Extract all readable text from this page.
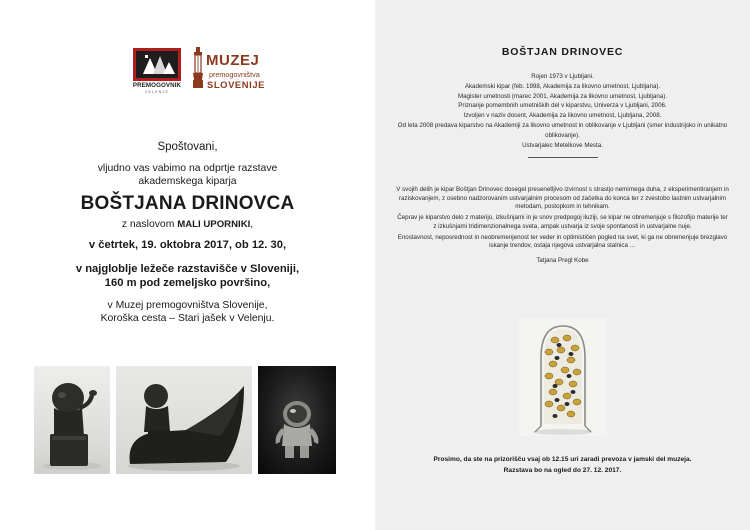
PREMOGOVNIK
VELENJE
MUZEJ
premogovništva
SLOVENIJE
Spoštovani,
vljudno vas vabimo na odprtje razstave
akademskega kiparja
BOŠTJANA DRINOVCA
z naslovom MALI UPORNIKI,
v četrtek, 19. oktobra 2017, ob 12. 30,
v najgloblje ležeče razstavišče v Sloveniji,
160 m pod zemeljsko površino,
v Muzej premogovništva Slovenije,
Koroška cesta – Stari jašek v Velenju.
BOŠTJAN DRINOVEC

Rojen 1973 v Ljubljani.

Akademski kipar (feb. 1998, Akademija za likovno umetnost, Ljubljana).

Magister umetnosti (marec 2001, Akademija za likovno umetnost, Ljubljana).

Priznanje pomembnih umetniških del v kiparstvu, Univerza v Ljubljani, 2006.

Izvoljen v naziv docent, Akademija za likovno umetnost, Ljubljana, 2008.

Od leta 2008 predava kiparstvo na Akademiji za likovno umetnost in oblikovanje v Ljubljani (smer industrijsko in unikatno oblikovanje).

Ustvarjalec Metelkove Mesta.

V svojih delih je kipar Boštjan Drinovec dosegel presenetljivo izvirnost s strastjo nemirnega duha, z eksperimentiranjem in raziskovanjem, z osebno nadzorovanim ustvarjalnim procesom od začetka do konca ter z zvestobo lastnim ustvarjalnim metodam, postopkom in tehnikam.

Čeprav je kiparstvo delo z materijo, izkušnjami in je snov predpogoj iluziji, se kipar ne obremenjuje s filozofijo materije ter z izkušnjami tridimenzionalnega sveta, ampak ustvarja iz svoje spontanosti in ustvarjalne nuje.

Enostavnost, neposrednost in neobremenjenost ter veder in optimističen pogled na svet, ki ga ne obremenjuje brezglavo iskanje trendov, ostaja njegova ustvarjalna stalnica …

Tatjana Pregl Kobe

Prosimo, da ste na prizorišču vsaj ob 12.15 uri zaradi prevoza v jamski del muzeja.
Razstava bo na ogled do 27. 12. 2017.
